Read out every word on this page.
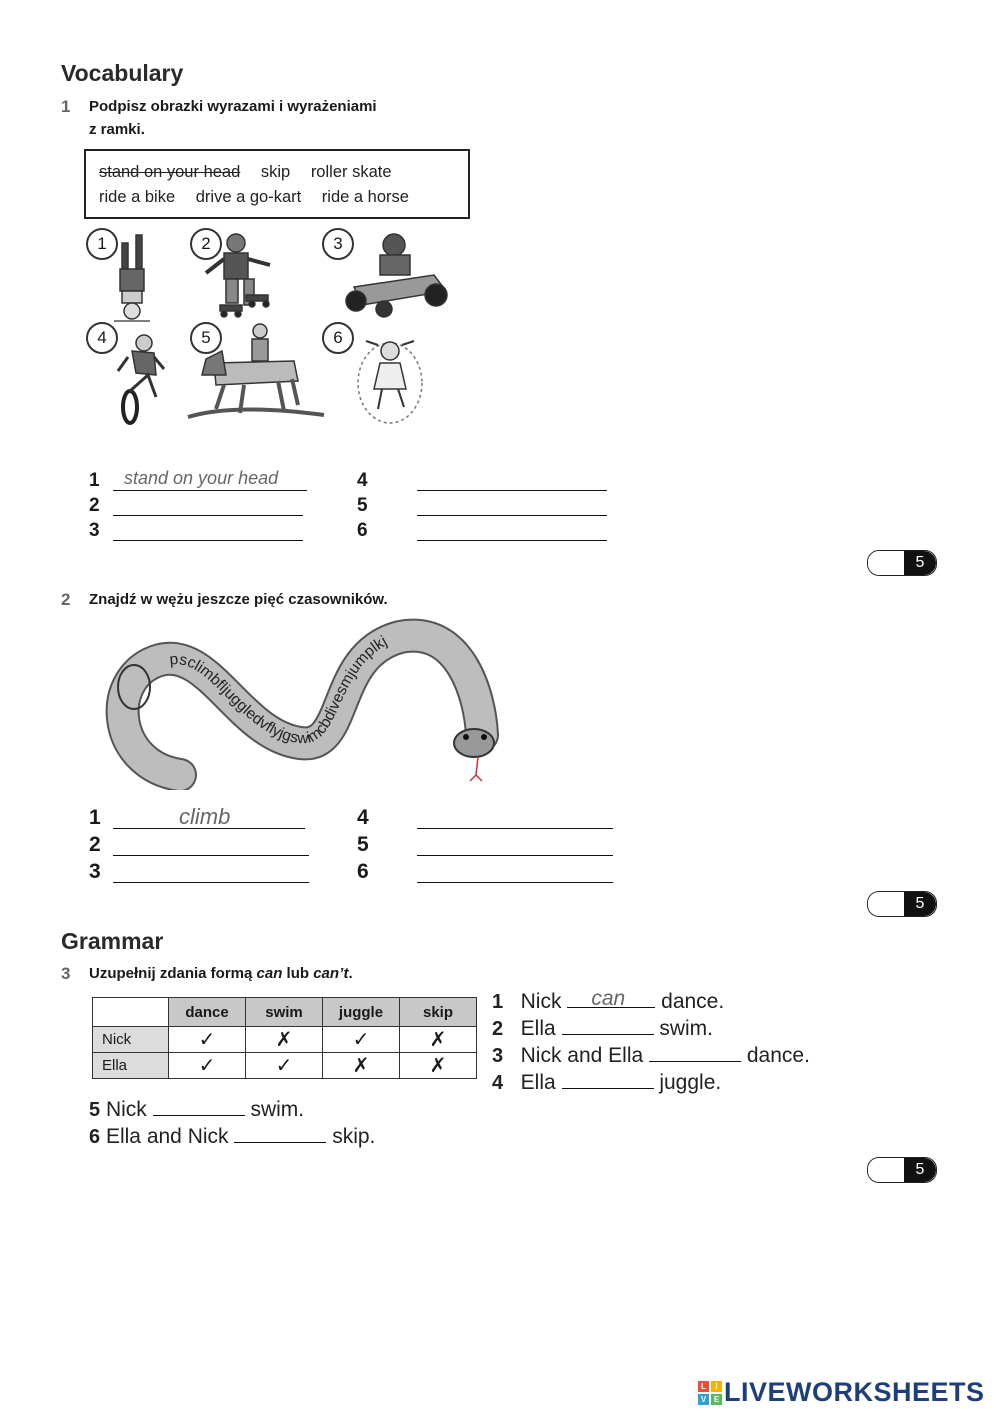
Vocabulary
1 Podpisz obrazki wyrazami i wyrażeniami
z ramki.
stand on your head skip roller skate
ride a bike drive a go-kart ride a horse
1	2	3
4	5	6
1
2
3
4
5
6
stand on your head
5
2 Znajdź w wężu jeszcze pięć czasowników.
psclimbfljuggledvflyjgswimcbdivesmjumplkj
1
2
3
4
5
6
climb
5
Grammar
3 Uzupełnij zdania formą can lub can’t.
	dance	swim	juggle	skip
Nick	✓	✗	✓	✗
Ella	✓	✓	✗	✗
1 Nick can dance.
2 Ella	swim.
3 Nick and Ella	dance.
4 Ella	juggle.
5 Nick	swim.
6 Ella and Nick	skip.
5
L	I
V E LIVEWORKSHEETS
